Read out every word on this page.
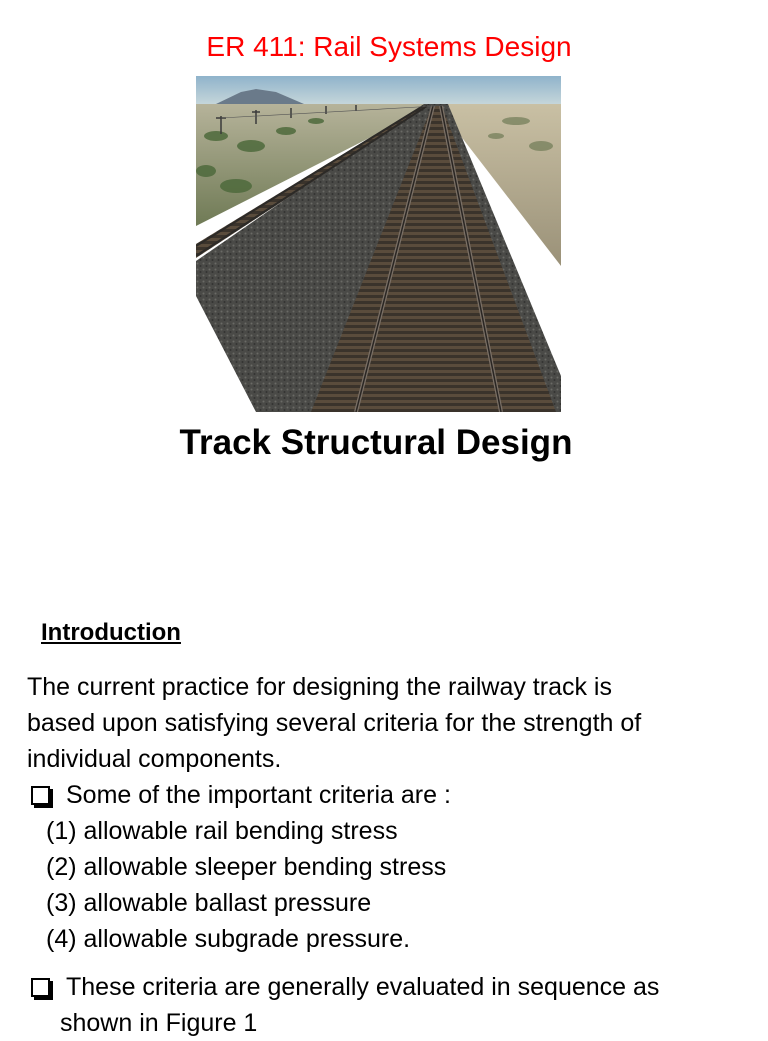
ER 411: Rail Systems Design
Track Structural Design
Introduction

The current practice for designing the railway track is

based upon satisfying several criteria for the strength of

individual components.

Some of the important criteria are :

(1) allowable rail bending stress

(2) allowable sleeper bending stress

(3) allowable ballast pressure

(4) allowable subgrade pressure.

These criteria are generally evaluated in sequence as

shown in Figure 1
